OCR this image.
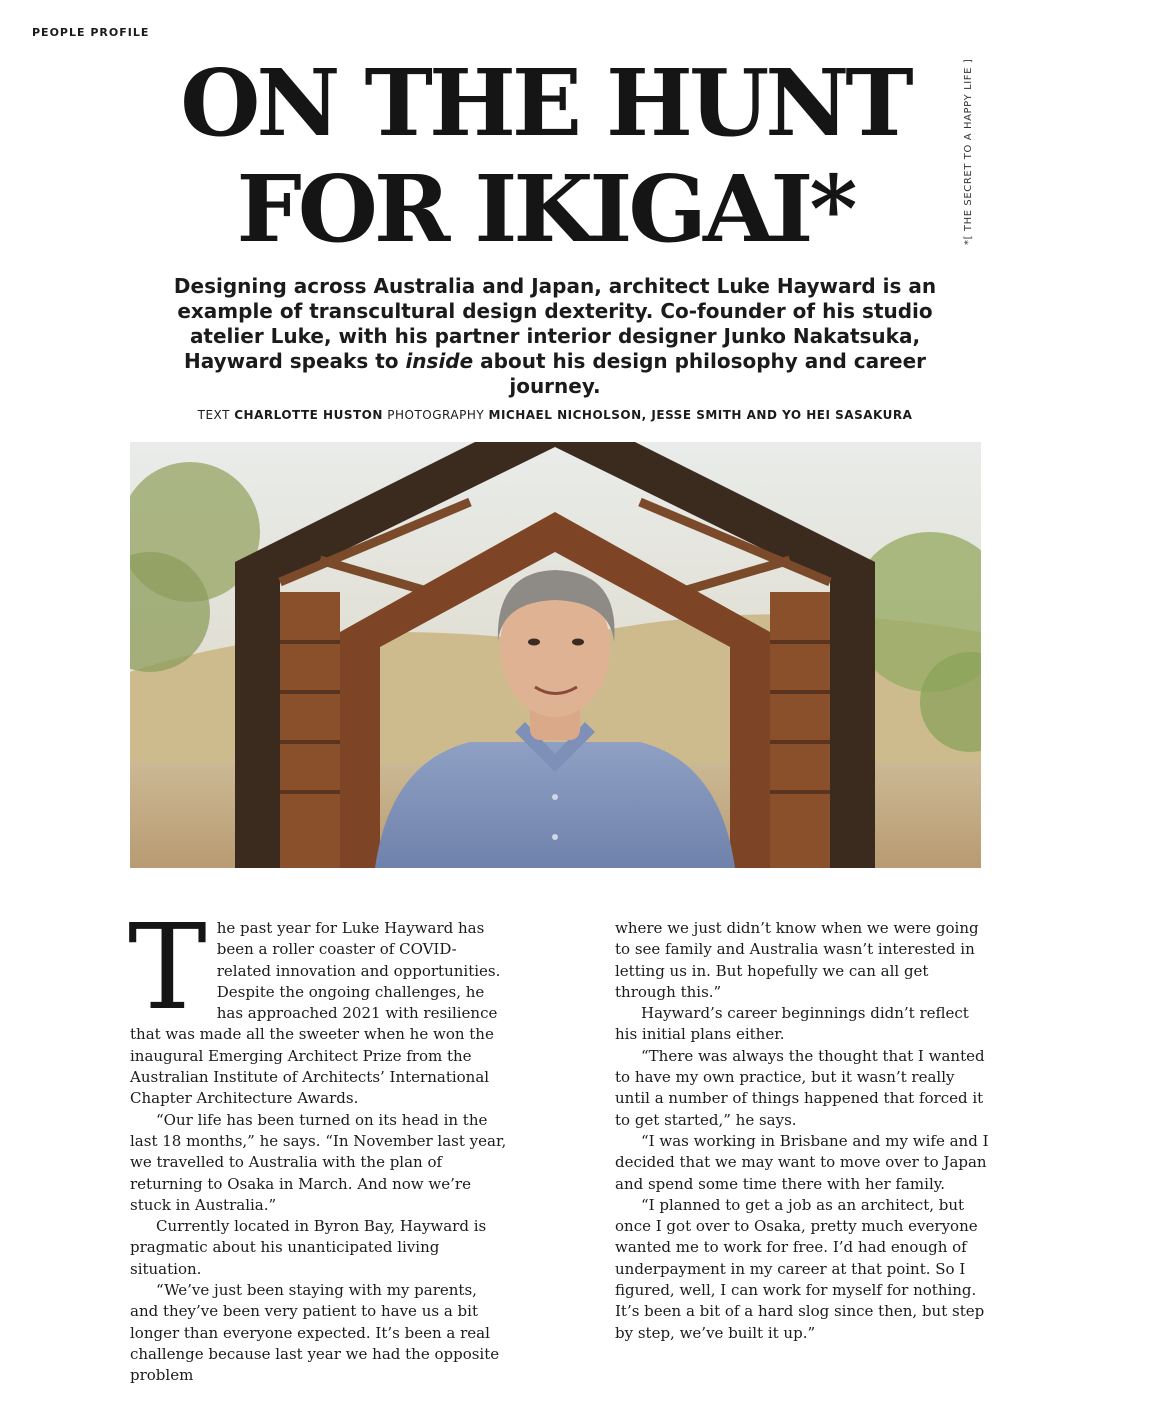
PEOPLE PROFILE
ON THE HUNT
FOR IKIGAI*	*[ THE SECRET TO A HAPPY LIFE ]

Designing across Australia and Japan, architect Luke Hayward is an example of transcultural design dexterity. Co-founder of his studio atelier Luke, with his partner interior designer Junko Nakatsuka, Hayward speaks to inside about his design philosophy and career journey.

TEXT CHARLOTTE HUSTON PHOTOGRAPHY MICHAEL NICHOLSON, JESSE SMITH AND YO HEI SASAKURA

The past year for Luke Hayward has been a roller coaster of COVID-related innovation and opportunities. Despite the ongoing challenges, he has approached 2021 with resilience that was made all the sweeter when he won the inaugural Emerging Architect Prize from the Australian Institute of Architects’ International Chapter Architecture Awards.

“Our life has been turned on its head in the last 18 months,” he says. “In November last year, we travelled to Australia with the plan of returning to Osaka in March. And now we’re stuck in Australia.”

Currently located in Byron Bay, Hayward is pragmatic about his unanticipated living situation.

“We’ve just been staying with my parents, and they’ve been very patient to have us a bit longer than everyone expected. It’s been a real challenge because last year we had the opposite problem

where we just didn’t know when we were going to see family and Australia wasn’t interested in letting us in. But hopefully we can all get through this.”

Hayward’s career beginnings didn’t reflect his initial plans either.

“There was always the thought that I wanted to have my own practice, but it wasn’t really until a number of things happened that forced it to get started,” he says.

“I was working in Brisbane and my wife and I decided that we may want to move over to Japan and spend some time there with her family.

“I planned to get a job as an architect, but once I got over to Osaka, pretty much everyone wanted me to work for free. I’d had enough of underpayment in my career at that point. So I figured, well, I can work for myself for nothing. It’s been a bit of a hard slog since then, but step by step, we’ve built it up.”
